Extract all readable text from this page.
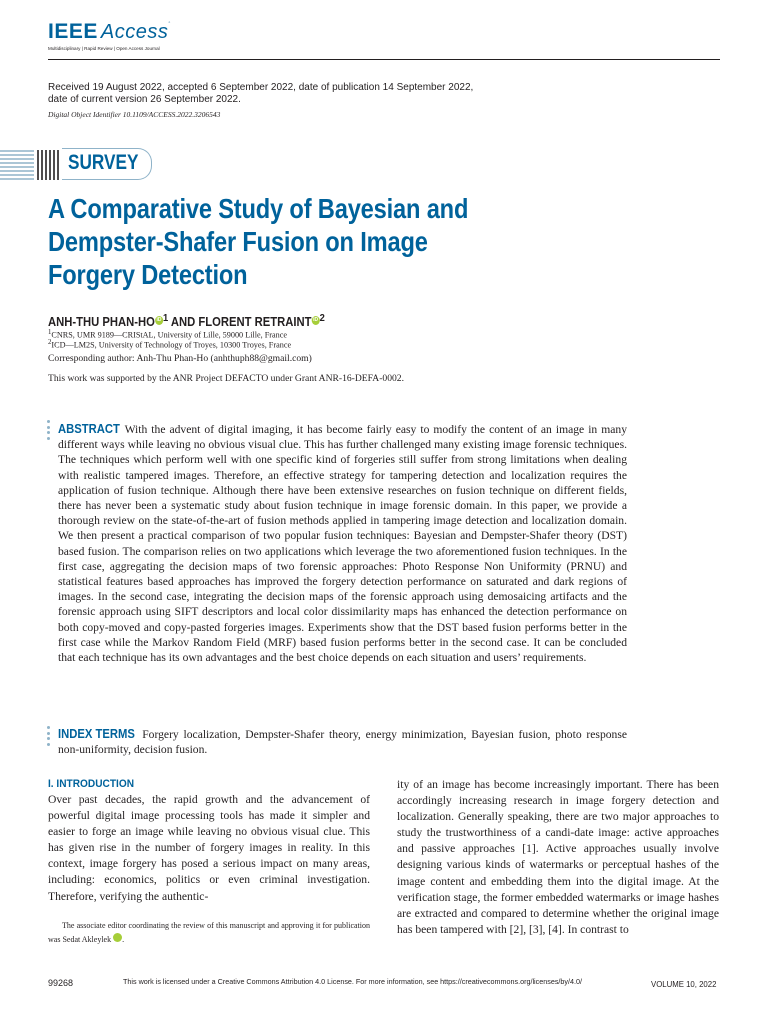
IEEE Access◦
Multidisciplinary | Rapid Review | Open Access Journal
Received 19 August 2022, accepted 6 September 2022, date of publication 14 September 2022,
date of current version 26 September 2022.
Digital Object Identifier 10.1109/ACCESS.2022.3206543
SURVEY
A Comparative Study of Bayesian and Dempster-Shafer Fusion on Image Forgery Detection
ANH-THU PHAN-HO iD $^1$ AND FLORENT RETRAINT iD $^2$
$^1$CNRS, UMR 9189—CRIStAL, University of Lille, 59000 Lille, France
$^2$ICD—LM2S, University of Technology of Troyes, 10300 Troyes, France
Corresponding author: Anh-Thu Phan-Ho (anhthuph88@gmail.com)
This work was supported by the ANR Project DEFACTO under Grant ANR-16-DEFA-0002.
ABSTRACT With the advent of digital imaging, it has become fairly easy to modify the content of an image in many different ways while leaving no obvious visual clue. This has further challenged many existing image forensic techniques. The techniques which perform well with one specific kind of forgeries still suffer from strong limitations when dealing with realistic tampered images. Therefore, an effective strategy for tampering detection and localization requires the application of fusion technique. Although there have been extensive researches on fusion technique on different fields, there has never been a systematic study about fusion technique in image forensic domain. In this paper, we provide a thorough review on the state-of-the-art of fusion methods applied in tampering image detection and localization domain. We then present a practical comparison of two popular fusion techniques: Bayesian and Dempster-Shafer theory (DST) based fusion. The comparison relies on two applications which leverage the two aforementioned fusion techniques. In the first case, aggregating the decision maps of two forensic approaches: Photo Response Non Uniformity (PRNU) and statistical features based approaches has improved the forgery detection performance on saturated and dark regions of images. In the second case, integrating the decision maps of the forensic approach using demosaicing artifacts and the forensic approach using SIFT descriptors and local color dissimilarity maps has enhanced the detection performance on both copy-moved and copy-pasted forgeries images. Experiments show that the DST based fusion performs better in the first case while the Markov Random Field (MRF) based fusion performs better in the second case. It can be concluded that each technique has its own advantages and the best choice depends on each situation and users’ requirements.
INDEX TERMS Forgery localization, Dempster-Shafer theory, energy minimization, Bayesian fusion, photo response non-uniformity, decision fusion.
I. INTRODUCTION
Over past decades, the rapid growth and the advancement of powerful digital image processing tools has made it simpler and easier to forge an image while leaving no obvious visual clue. This has given rise in the number of forgery images in reality. In this context, image forgery has posed a serious impact on many areas, including: economics, politics or even criminal investigation. Therefore, verifying the authentic-
ity of an image has become increasingly important. There has been accordingly increasing research in image forgery detection and localization. Generally speaking, there are two major approaches to study the trustworthiness of a candi-date image: active approaches and passive approaches [1]. Active approaches usually involve designing various kinds of watermarks or perceptual hashes of the image content and embedding them into the digital image. At the verification stage, the former embedded watermarks or image hashes are extracted and compared to determine whether the original image has been tampered with [2], [3], [4]. In contrast to
The associate editor coordinating the review of this manuscript and approving it for publication was Sedat Akleylek	iD.
99268	This work is licensed under a Creative Commons Attribution 4.0 License. For more information, see https://creativecommons.org/licenses/by/4.0/	VOLUME 10, 2022
